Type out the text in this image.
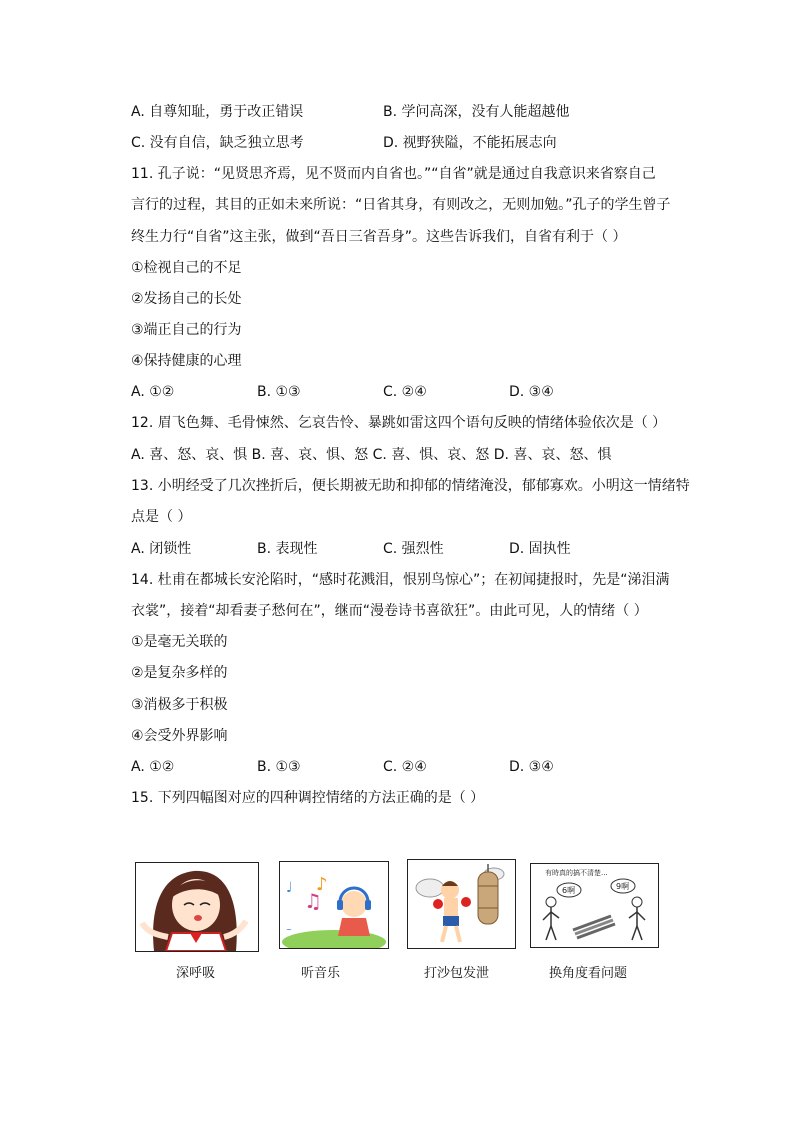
A. 自尊知耻，勇于改正错误	B. 学问高深，没有人能超越他
C. 没有自信，缺乏独立思考	D. 视野狭隘，不能拓展志向
11. 孔子说：“见贤思齐焉，见不贤而内自省也。”“自省”就是通过自我意识来省察自己
言行的过程，其目的正如未来所说：“日省其身，有则改之，无则加勉。”孔子的学生曾子
终生力行“自省”这主张，做到“吾日三省吾身”。这些告诉我们，自省有利于（ ）
①检视自己的不足
②发扬自己的长处
③端正自己的行为
④保持健康的心理
A. ①②	B. ①③	C. ②④	D. ③④
12. 眉飞色舞、毛骨悚然、乞哀告怜、暴跳如雷这四个语句反映的情绪体验依次是（ ）
A. 喜、怒、哀、惧 B. 喜、哀、惧、怒 C. 喜、惧、哀、怒 D. 喜、哀、怒、惧
13. 小明经受了几次挫折后，便长期被无助和抑郁的情绪淹没，郁郁寡欢。小明这一情绪特
点是（ ）
A. 闭锁性	B. 表现性	C. 强烈性	D. 固执性
14. 杜甫在都城长安沦陷时，“感时花溅泪，恨别鸟惊心”；在初闻捷报时，先是“涕泪满
衣裳”，接着“却看妻子愁何在”，继而“漫卷诗书喜欲狂”。由此可见，人的情绪（ ）
①是毫无关联的
②是复杂多样的
③消极多于积极
④会受外界影响
A. ①②	B. ①③	C. ②④	D. ③④
15. 下列四幅图对应的四种调控情绪的方法正确的是（ ）
♫
♪
♩
~
有時真的搞不清楚...
6啊	9啊
深呼吸	听音乐	打沙包发泄	换角度看问题
